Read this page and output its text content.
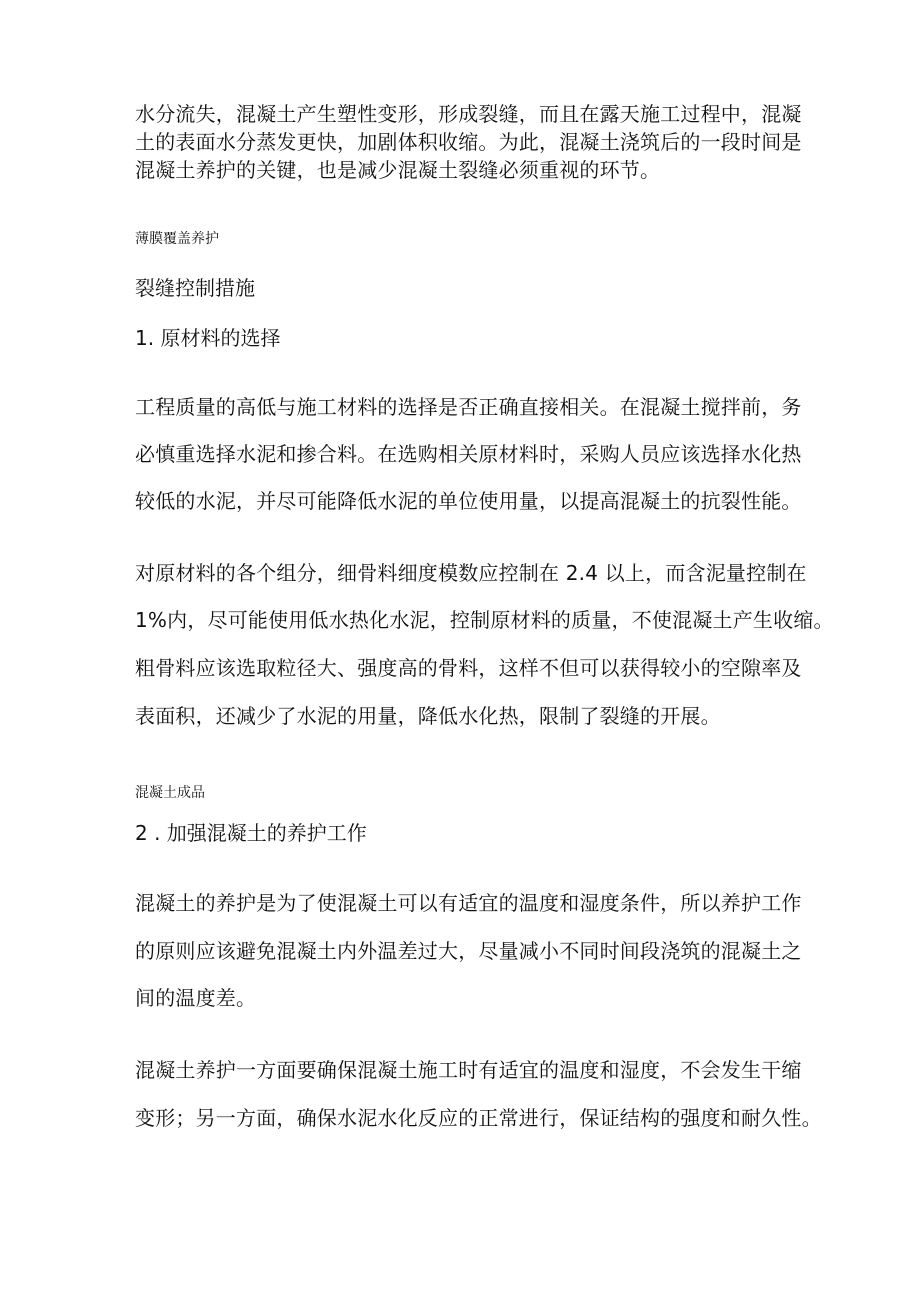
水分流失，混凝土产生塑性变形，形成裂缝，而且在露天施工过程中，混凝
土的表面水分蒸发更快，加剧体积收缩。为此，混凝土浇筑后的一段时间是
混凝土养护的关键，也是减少混凝土裂缝必须重视的环节。
薄膜覆盖养护
裂缝控制措施
1. 原材料的选择
工程质量的高低与施工材料的选择是否正确直接相关。在混凝土搅拌前，务
必慎重选择水泥和掺合料。在选购相关原材料时，采购人员应该选择水化热
较低的水泥，并尽可能降低水泥的单位使用量，以提高混凝土的抗裂性能。
对原材料的各个组分，细骨料细度模数应控制在 2.4 以上，而含泥量控制在
1%内，尽可能使用低水热化水泥，控制原材料的质量，不使混凝土产生收缩。
粗骨料应该选取粒径大、强度高的骨料，这样不但可以获得较小的空隙率及
表面积，还减少了水泥的用量，降低水化热，限制了裂缝的开展。
混凝土成品
2 . 加强混凝土的养护工作
混凝土的养护是为了使混凝土可以有适宜的温度和湿度条件，所以养护工作
的原则应该避免混凝土内外温差过大，尽量减小不同时间段浇筑的混凝土之
间的温度差。
混凝土养护一方面要确保混凝土施工时有适宜的温度和湿度，不会发生干缩
变形；另一方面，确保水泥水化反应的正常进行，保证结构的强度和耐久性。
